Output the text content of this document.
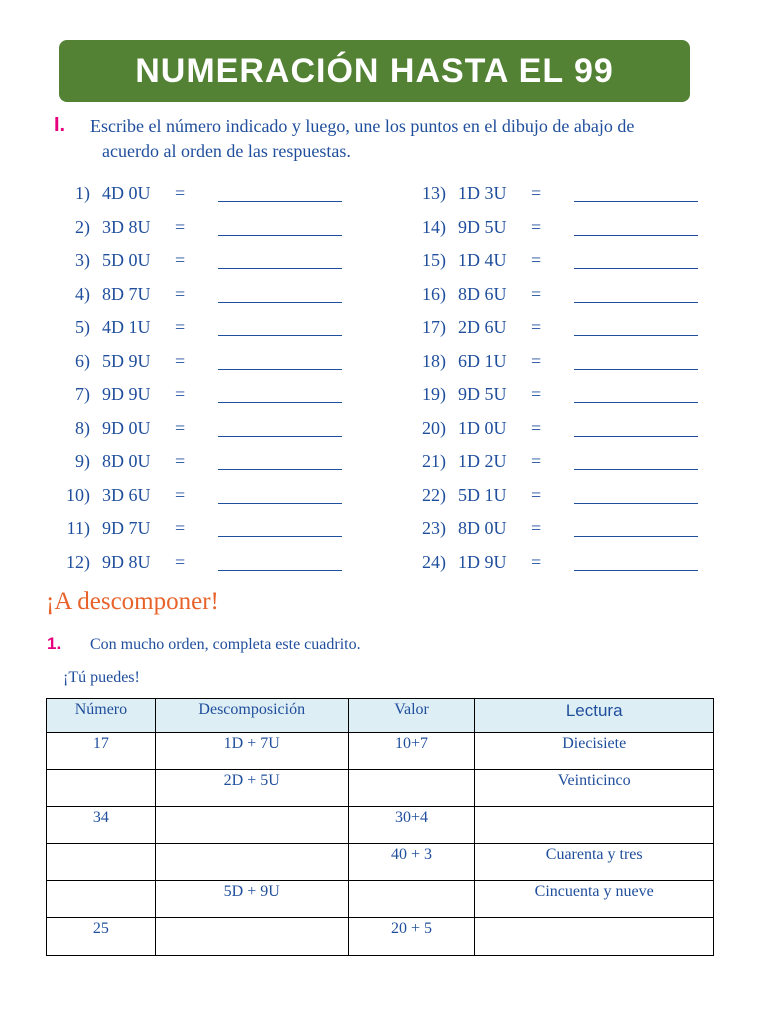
NUMERACIÓN HASTA EL 99
I. Escribe el número indicado y luego, une los puntos en el dibujo de abajo de
acuerdo al orden de las respuestas.
1) 4D 0U =
2) 3D 8U =
3) 5D 0U =
4) 8D 7U =
5) 4D 1U =
6) 5D 9U =
7) 9D 9U =
8) 9D 0U =
9) 8D 0U =
10) 3D 6U =
11) 9D 7U =
12) 9D 8U =
13) 1D 3U =
14) 9D 5U =
15) 1D 4U =
16) 8D 6U =
17) 2D 6U =
18) 6D 1U =
19) 9D 5U =
20) 1D 0U =
21) 1D 2U =
22) 5D 1U =
23) 8D 0U =
24) 1D 9U =
¡A descomponer!
1. Con mucho orden, completa este cuadrito.
¡Tú puedes!
Número	Descomposición	Valor	Lectura
17	1D + 7U	10+7	Diecisiete
	2D + 5U		Veinticinco
34		30+4	
		40 + 3	Cuarenta y tres
	5D + 9U		Cincuenta y nueve
25		20 + 5	
